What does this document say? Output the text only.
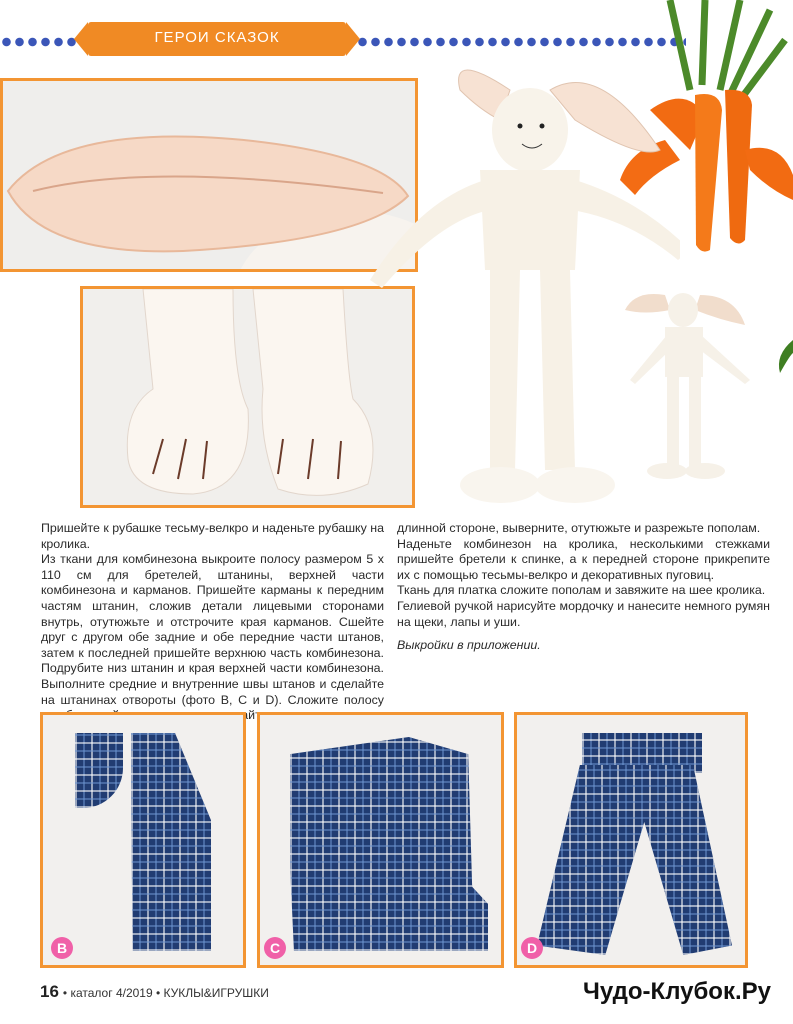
ГЕРОИ СКАЗОК

Пришейте к рубашке тесьму-велкро и наденьте рубашку на кролика.

Из ткани для комбинезона выкроите полосу размером 5 х 110 см для бретелей, штанины, верхней части комбинезона и карманов. Пришейте карманы к передним частям штанин, сложив детали лицевыми сторонами внутрь, отутюжьте и отстрочите края карманов. Сшейте друг с другом обе задние и обе передние части штанов, затем к последней пришейте верхнюю часть комбинезона. Подрубите низ штанин и края верхней части комбинезона. Выполните средние и внутренние швы штанов и сделайте на штанинах отвороты (фото B, C и D). Сложите полосу

длинной стороне, выверните, отутюжьте и разрежьте пополам.

Наденьте комбинезон на кролика, несколькими стежками пришейте бретели к спинке, а к передней стороне прикрепите их с помощью тесьмы-велкро и декоративных пуговиц.

Ткань для платка сложите пополам и завяжите на шее кролика.

Гелиевой ручкой нарисуйте мордочку и нанесите немного румян на щеки, лапы и уши.

Выкройки в приложении.

B	C	D
16 • каталог 4/2019 • КУКЛЫ&ИГРУШКИ	Чудо-Клубок.Ру
